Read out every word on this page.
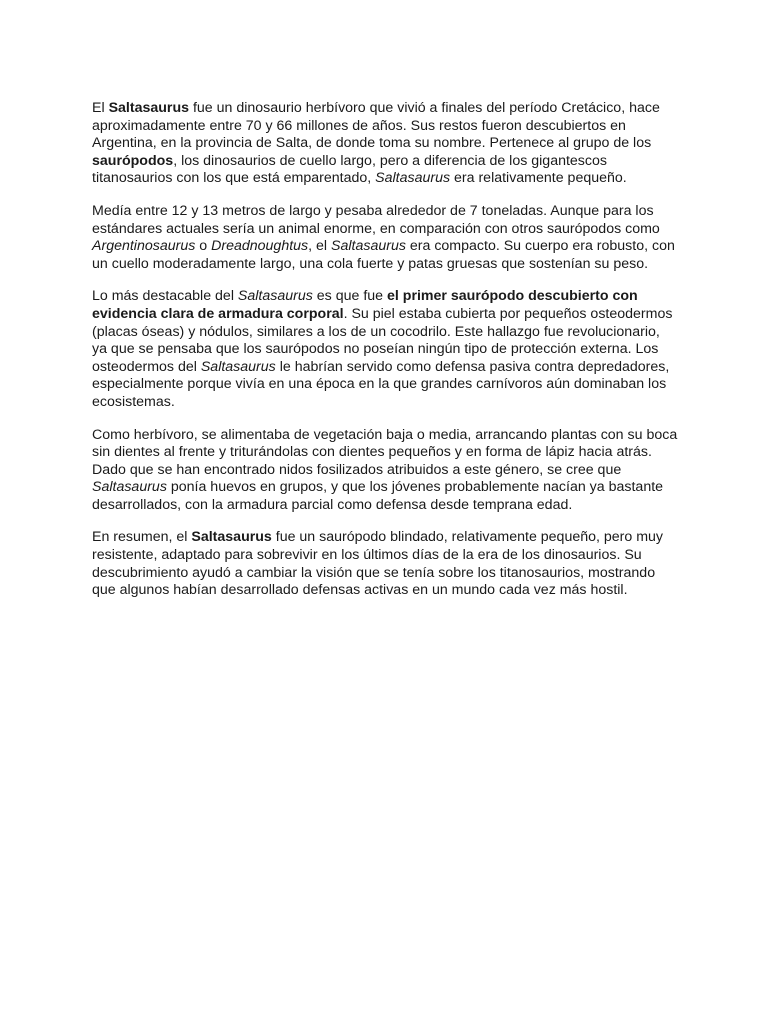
El Saltasaurus fue un dinosaurio herbívoro que vivió a finales del período Cretácico, hace aproximadamente entre 70 y 66 millones de años. Sus restos fueron descubiertos en Argentina, en la provincia de Salta, de donde toma su nombre. Pertenece al grupo de los saurópodos, los dinosaurios de cuello largo, pero a diferencia de los gigantescos titanosaurios con los que está emparentado, Saltasaurus era relativamente pequeño.

Medía entre 12 y 13 metros de largo y pesaba alrededor de 7 toneladas. Aunque para los estándares actuales sería un animal enorme, en comparación con otros saurópodos como Argentinosaurus o Dreadnoughtus, el Saltasaurus era compacto. Su cuerpo era robusto, con un cuello moderadamente largo, una cola fuerte y patas gruesas que sostenían su peso.

Lo más destacable del Saltasaurus es que fue el primer saurópodo descubierto con evidencia clara de armadura corporal. Su piel estaba cubierta por pequeños osteodermos (placas óseas) y nódulos, similares a los de un cocodrilo. Este hallazgo fue revolucionario, ya que se pensaba que los saurópodos no poseían ningún tipo de protección externa. Los osteodermos del Saltasaurus le habrían servido como defensa pasiva contra depredadores, especialmente porque vivía en una época en la que grandes carnívoros aún dominaban los ecosistemas.

Como herbívoro, se alimentaba de vegetación baja o media, arrancando plantas con su boca sin dientes al frente y triturándolas con dientes pequeños y en forma de lápiz hacia atrás. Dado que se han encontrado nidos fosilizados atribuidos a este género, se cree que Saltasaurus ponía huevos en grupos, y que los jóvenes probablemente nacían ya bastante desarrollados, con la armadura parcial como defensa desde temprana edad.

En resumen, el Saltasaurus fue un saurópodo blindado, relativamente pequeño, pero muy resistente, adaptado para sobrevivir en los últimos días de la era de los dinosaurios. Su descubrimiento ayudó a cambiar la visión que se tenía sobre los titanosaurios, mostrando que algunos habían desarrollado defensas activas en un mundo cada vez más hostil.
